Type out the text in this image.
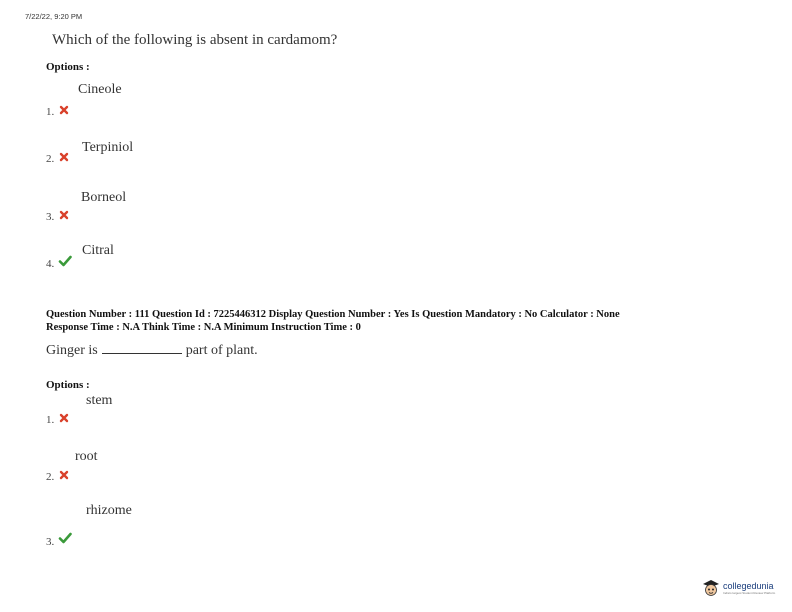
7/22/22, 9:20 PM
Which of the following is absent in cardamom?
Options :
Cineole
1.
Terpiniol
2.
Borneol
3.
Citral
4.
Question Number : 111 Question Id : 7225446312 Display Question Number : Yes Is Question Mandatory : No Calculator : None
Response Time : N.A Think Time : N.A Minimum Instruction Time : 0
Ginger is	part of plant.
Options :
stem
1.
root
2.
rhizome
3.
collegedunia
India's largest Student Review Platform
